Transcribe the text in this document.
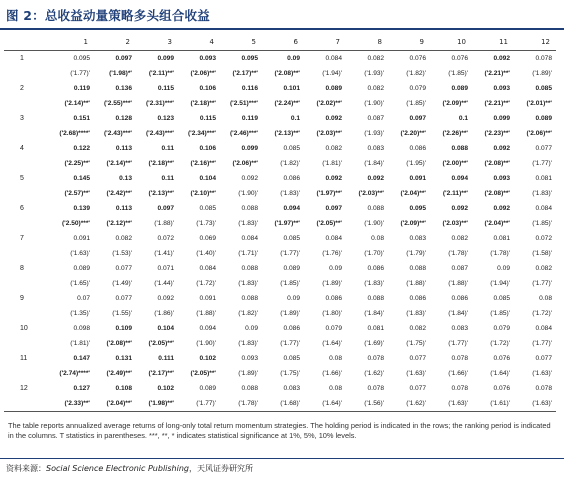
图 2：总收益动量策略多头组合收益
	1	2	3	4	5	6	7	8	9	10	11	12
1	0.095	0.097	0.099	0.093	0.095	0.09	0.084	0.082	0.076	0.076	0.092	0.078
	('1.77)'	('1.98)*'	('2.11)**'	('2.06)**'	('2.17)**'	('2.08)**'	('1.94)'	('1.93)'	('1.82)'	('1.85)'	('2.21)**'	('1.89)'
2	0.119	0.136	0.115	0.106	0.116	0.101	0.089	0.082	0.079	0.089	0.093	0.085
	('2.14)**'	('2.55)***'	('2.31)***'	('2.18)**'	('2.51)***'	('2.24)**'	('2.02)**'	('1.90)'	('1.85)'	('2.09)**'	('2.21)**'	('2.01)**'
3	0.151	0.128	0.123	0.115	0.119	0.1	0.092	0.087	0.097	0.1	0.099	0.089
	('2.68)****'	('2.43)***'	('2.43)***'	('2.34)***'	('2.46)***'	('2.13)**'	('2.03)**'	('1.93)'	('2.20)**'	('2.26)**'	('2.23)**'	('2.06)**'
4	0.122	0.113	0.11	0.106	0.099	0.085	0.082	0.083	0.086	0.088	0.092	0.077
	('2.25)**'	('2.14)**'	('2.18)**'	('2.16)**'	('2.06)**'	('1.82)'	('1.81)'	('1.84)'	('1.95)'	('2.00)**'	('2.08)**'	('1.77)'
5	0.145	0.13	0.11	0.104	0.092	0.086	0.092	0.092	0.091	0.094	0.093	0.081
	('2.57)**'	('2.42)**'	('2.13)**'	('2.10)**'	('1.90)'	('1.83)'	('1.97)**'	('2.03)**'	('2.04)**'	('2.11)**'	('2.08)**'	('1.83)'
6	0.139	0.113	0.097	0.085	0.088	0.094	0.097	0.088	0.095	0.092	0.092	0.084
	('2.50)***'	('2.12)**'	('1.88)'	('1.73)'	('1.83)'	('1.97)**'	('2.05)**'	('1.90)'	('2.09)**'	('2.03)**'	('2.04)**'	('1.85)'
7	0.091	0.082	0.072	0.069	0.084	0.085	0.084	0.08	0.083	0.082	0.081	0.072
	('1.63)'	('1.53)'	('1.41)'	('1.40)'	('1.71)'	('1.77)'	('1.76)'	('1.70)'	('1.79)'	('1.78)'	('1.78)'	('1.58)'
8	0.089	0.077	0.071	0.084	0.088	0.089	0.09	0.086	0.088	0.087	0.09	0.082
	('1.65)'	('1.49)'	('1.44)'	('1.72)'	('1.83)'	('1.85)'	('1.89)'	('1.83)'	('1.88)'	('1.88)'	('1.94)'	('1.77)'
9	0.07	0.077	0.092	0.091	0.088	0.09	0.086	0.088	0.086	0.086	0.085	0.08
	('1.35)'	('1.55)'	('1.86)'	('1.88)'	('1.82)'	('1.89)'	('1.80)'	('1.84)'	('1.83)'	('1.84)'	('1.85)'	('1.72)'
10	0.098	0.109	0.104	0.094	0.09	0.086	0.079	0.081	0.082	0.083	0.079	0.084
	('1.81)'	('2.08)**'	('2.05)**'	('1.90)'	('1.83)'	('1.77)'	('1.64)'	('1.69)'	('1.75)'	('1.77)'	('1.72)'	('1.77)'
11	0.147	0.131	0.111	0.102	0.093	0.085	0.08	0.078	0.077	0.078	0.076	0.077
	('2.74)****'	('2.49)**'	('2.17)**'	('2.05)**'	('1.89)'	('1.75)'	('1.66)'	('1.62)'	('1.63)'	('1.66)'	('1.64)'	('1.63)'
12	0.127	0.108	0.102	0.089	0.088	0.083	0.08	0.078	0.077	0.078	0.076	0.078
	('2.33)**'	('2.04)**'	('1.98)**'	('1.77)'	('1.78)'	('1.68)'	('1.64)'	('1.56)'	('1.62)'	('1.63)'	('1.61)'	('1.63)'
The table reports annualized average returns of long-only total return momentum strategies. The holding period is indicated in the rows; the ranking period is indicated in the columns. T statistics in parentheses. ***, **, * indicates statistical significance at 1%, 5%, 10% levels.
资料来源：Social Science Electronic Publishing，天风证券研究所
